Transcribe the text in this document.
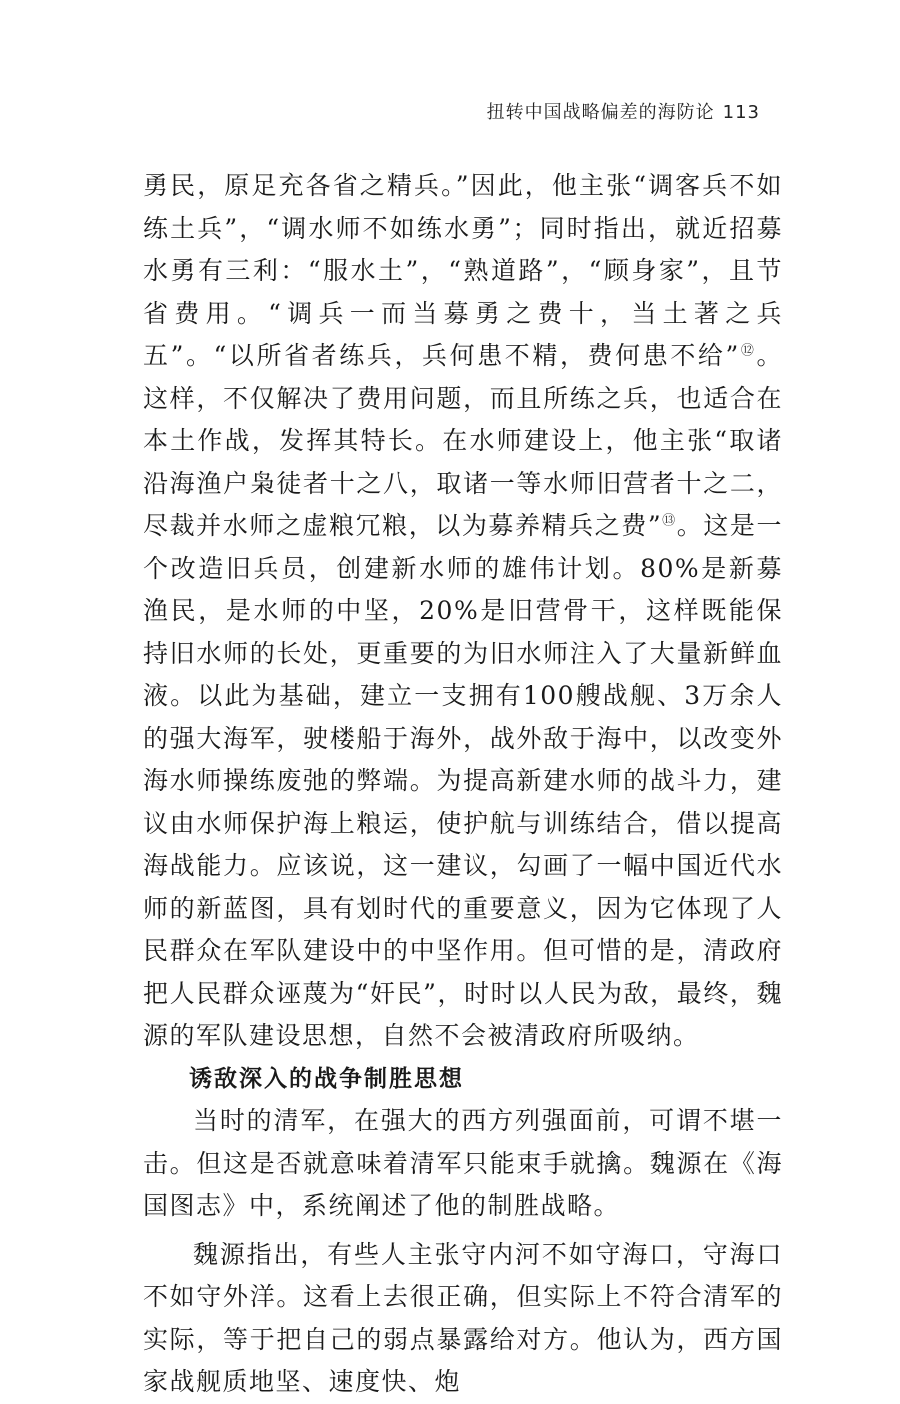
扭转中国战略偏差的海防论 113

勇民，原足充各省之精兵。”因此，他主张“调客兵不如练土兵”，“调水师不如练水勇”；同时指出，就近招募水勇有三利：“服水土”，“熟道路”，“顾身家”，且节省费用。“调兵一而当募勇之费十，当土著之兵五”。“以所省者练兵，兵何患不精，费何患不给”⑫。这样，不仅解决了费用问题，而且所练之兵，也适合在本土作战，发挥其特长。在水师建设上，他主张“取诸沿海渔户枭徒者十之八，取诸一等水师旧营者十之二，尽裁并水师之虚粮冗粮，以为募养精兵之费”⑬。这是一个改造旧兵员，创建新水师的雄伟计划。80%是新募渔民，是水师的中坚，20%是旧营骨干，这样既能保持旧水师的长处，更重要的为旧水师注入了大量新鲜血液。以此为基础，建立一支拥有100艘战舰、3万余人的强大海军，驶楼船于海外，战外敌于海中，以改变外海水师操练废弛的弊端。为提高新建水师的战斗力，建议由水师保护海上粮运，使护航与训练结合，借以提高海战能力。应该说，这一建议，勾画了一幅中国近代水师的新蓝图，具有划时代的重要意义，因为它体现了人民群众在军队建设中的中坚作用。但可惜的是，清政府把人民群众诬蔑为“奸民”，时时以人民为敌，最终，魏源的军队建设思想，自然不会被清政府所吸纳。

诱敌深入的战争制胜思想

当时的清军，在强大的西方列强面前，可谓不堪一击。但这是否就意味着清军只能束手就擒。魏源在《海国图志》中，系统阐述了他的制胜战略。

魏源指出，有些人主张守内河不如守海口，守海口不如守外洋。这看上去很正确，但实际上不符合清军的实际，等于把自己的弱点暴露给对方。他认为，西方国家战舰质地坚、速度快、炮
